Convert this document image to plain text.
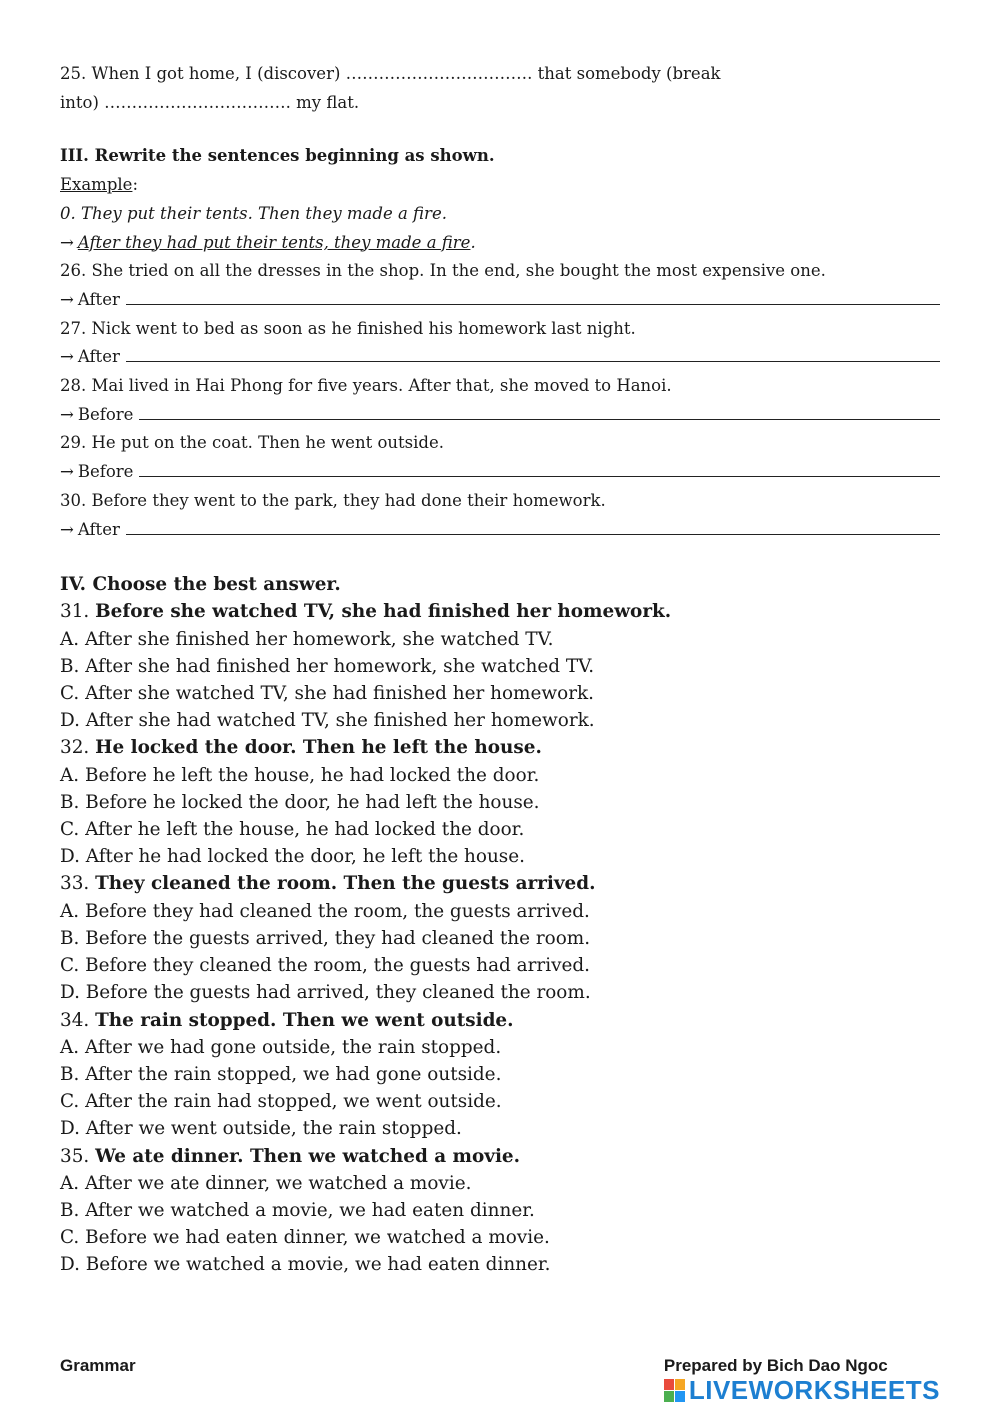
25. When I got home, I (discover) ……………………………. that somebody (break
into) ……………………………. my flat.
III. Rewrite the sentences beginning as shown.
Example:
0. They put their tents. Then they made a fire.
→ After they had put their tents, they made a fire.
26. She tried on all the dresses in the shop. In the end, she bought the most expensive one.
→ After
27. Nick went to bed as soon as he finished his homework last night.
→ After
28. Mai lived in Hai Phong for five years. After that, she moved to Hanoi.
→ Before
29. He put on the coat. Then he went outside.
→ Before
30. Before they went to the park, they had done their homework.
→ After
IV. Choose the best answer.
31. Before she watched TV, she had finished her homework.
A. After she finished her homework, she watched TV.
B. After she had finished her homework, she watched TV.
C. After she watched TV, she had finished her homework.
D. After she had watched TV, she finished her homework.
32. He locked the door. Then he left the house.
A. Before he left the house, he had locked the door.
B. Before he locked the door, he had left the house.
C. After he left the house, he had locked the door.
D. After he had locked the door, he left the house.
33. They cleaned the room. Then the guests arrived.
A. Before they had cleaned the room, the guests arrived.
B. Before the guests arrived, they had cleaned the room.
C. Before they cleaned the room, the guests had arrived.
D. Before the guests had arrived, they cleaned the room.
34. The rain stopped. Then we went outside.
A. After we had gone outside, the rain stopped.
B. After the rain stopped, we had gone outside.
C. After the rain had stopped, we went outside.
D. After we went outside, the rain stopped.
35. We ate dinner. Then we watched a movie.
A. After we ate dinner, we watched a movie.
B. After we watched a movie, we had eaten dinner.
C. Before we had eaten dinner, we watched a movie.
D. Before we watched a movie, we had eaten dinner.
Grammar	Prepared by Bich Dao Ngoc
LIVEWORKSHEETS
